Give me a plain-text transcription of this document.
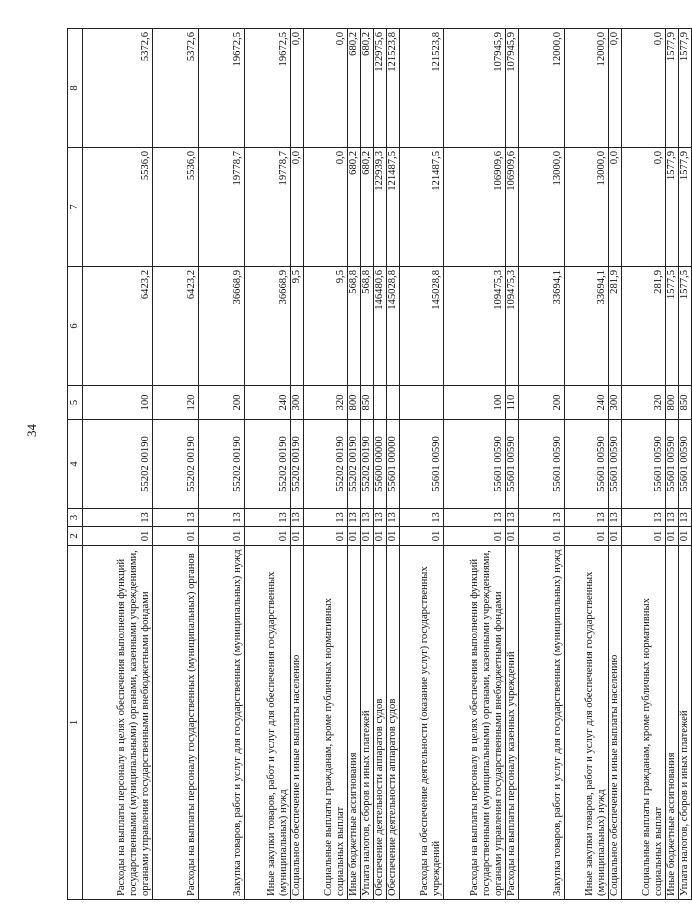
34
1	2	3	4	5	6	7	8
Расходы на выплаты персоналу в целях обеспечения выполнения функций государственными (муниципальными) органами, казенными учреждениями, органами управления государственными внебюджетными фондами	01	13	55202 00190	100	6423,2	5536,0	5372,6
Расходы на выплаты персоналу государственных (муниципальных) органов	01	13	55202 00190	120	6423,2	5536,0	5372,6
Закупка товаров, работ и услуг для государственных (муниципальных) нужд	01	13	55202 00190	200	36668,9	19778,7	19672,5
Иные закупки товаров, работ и услуг для обеспечения государственных (муниципальных) нужд	01	13	55202 00190	240	36668,9	19778,7	19672,5
Социальное обеспечение и иные выплаты населению	01	13	55202 00190	300	9,5	0,0	0,0
Социальные выплаты гражданам, кроме публичных нормативных социальных выплат	01	13	55202 00190	320	9,5	0,0	0,0
Иные бюджетные ассигнования	01	13	55202 00190	800	568,8	680,2	680,2
Уплата налогов, сборов и иных платежей	01	13	55202 00190	850	568,8	680,2	680,2
Обеспечение деятельности аппаратов судов	01	13	55600 00000		146480,6	122939,3	122975,6
Обеспечение деятельности аппаратов судов	01	13	55601 00000		145028,8	121487,5	121523,8
Расходы на обеспечение деятельности (оказание услуг) государственных учреждений	01	13	55601 00590		145028,8	121487,5	121523,8
Расходы на выплаты персоналу в целях обеспечения выполнения функций государственными (муниципальными) органами, казенными учреждениями, органами управления государственными внебюджетными фондами	01	13	55601 00590	100	109475,3	106909,6	107945,9
Расходы на выплаты персоналу казенных учреждений	01	13	55601 00590	110	109475,3	106909,6	107945,9
Закупка товаров, работ и услуг для государственных (муниципальных) нужд	01	13	55601 00590	200	33694,1	13000,0	12000,0
Иные закупки товаров, работ и услуг для обеспечения государственных (муниципальных) нужд	01	13	55601 00590	240	33694,1	13000,0	12000,0
Социальное обеспечение и иные выплаты населению	01	13	55601 00590	300	281,9	0,0	0,0
Социальные выплаты гражданам, кроме публичных нормативных социальных выплат	01	13	55601 00590	320	281,9	0,0	0,0
Иные бюджетные ассигнования	01	13	55601 00590	800	1577,5	1577,9	1577,9
Уплата налогов, сборов и иных платежей	01	13	55601 00590	850	1577,5	1577,9	1577,9
